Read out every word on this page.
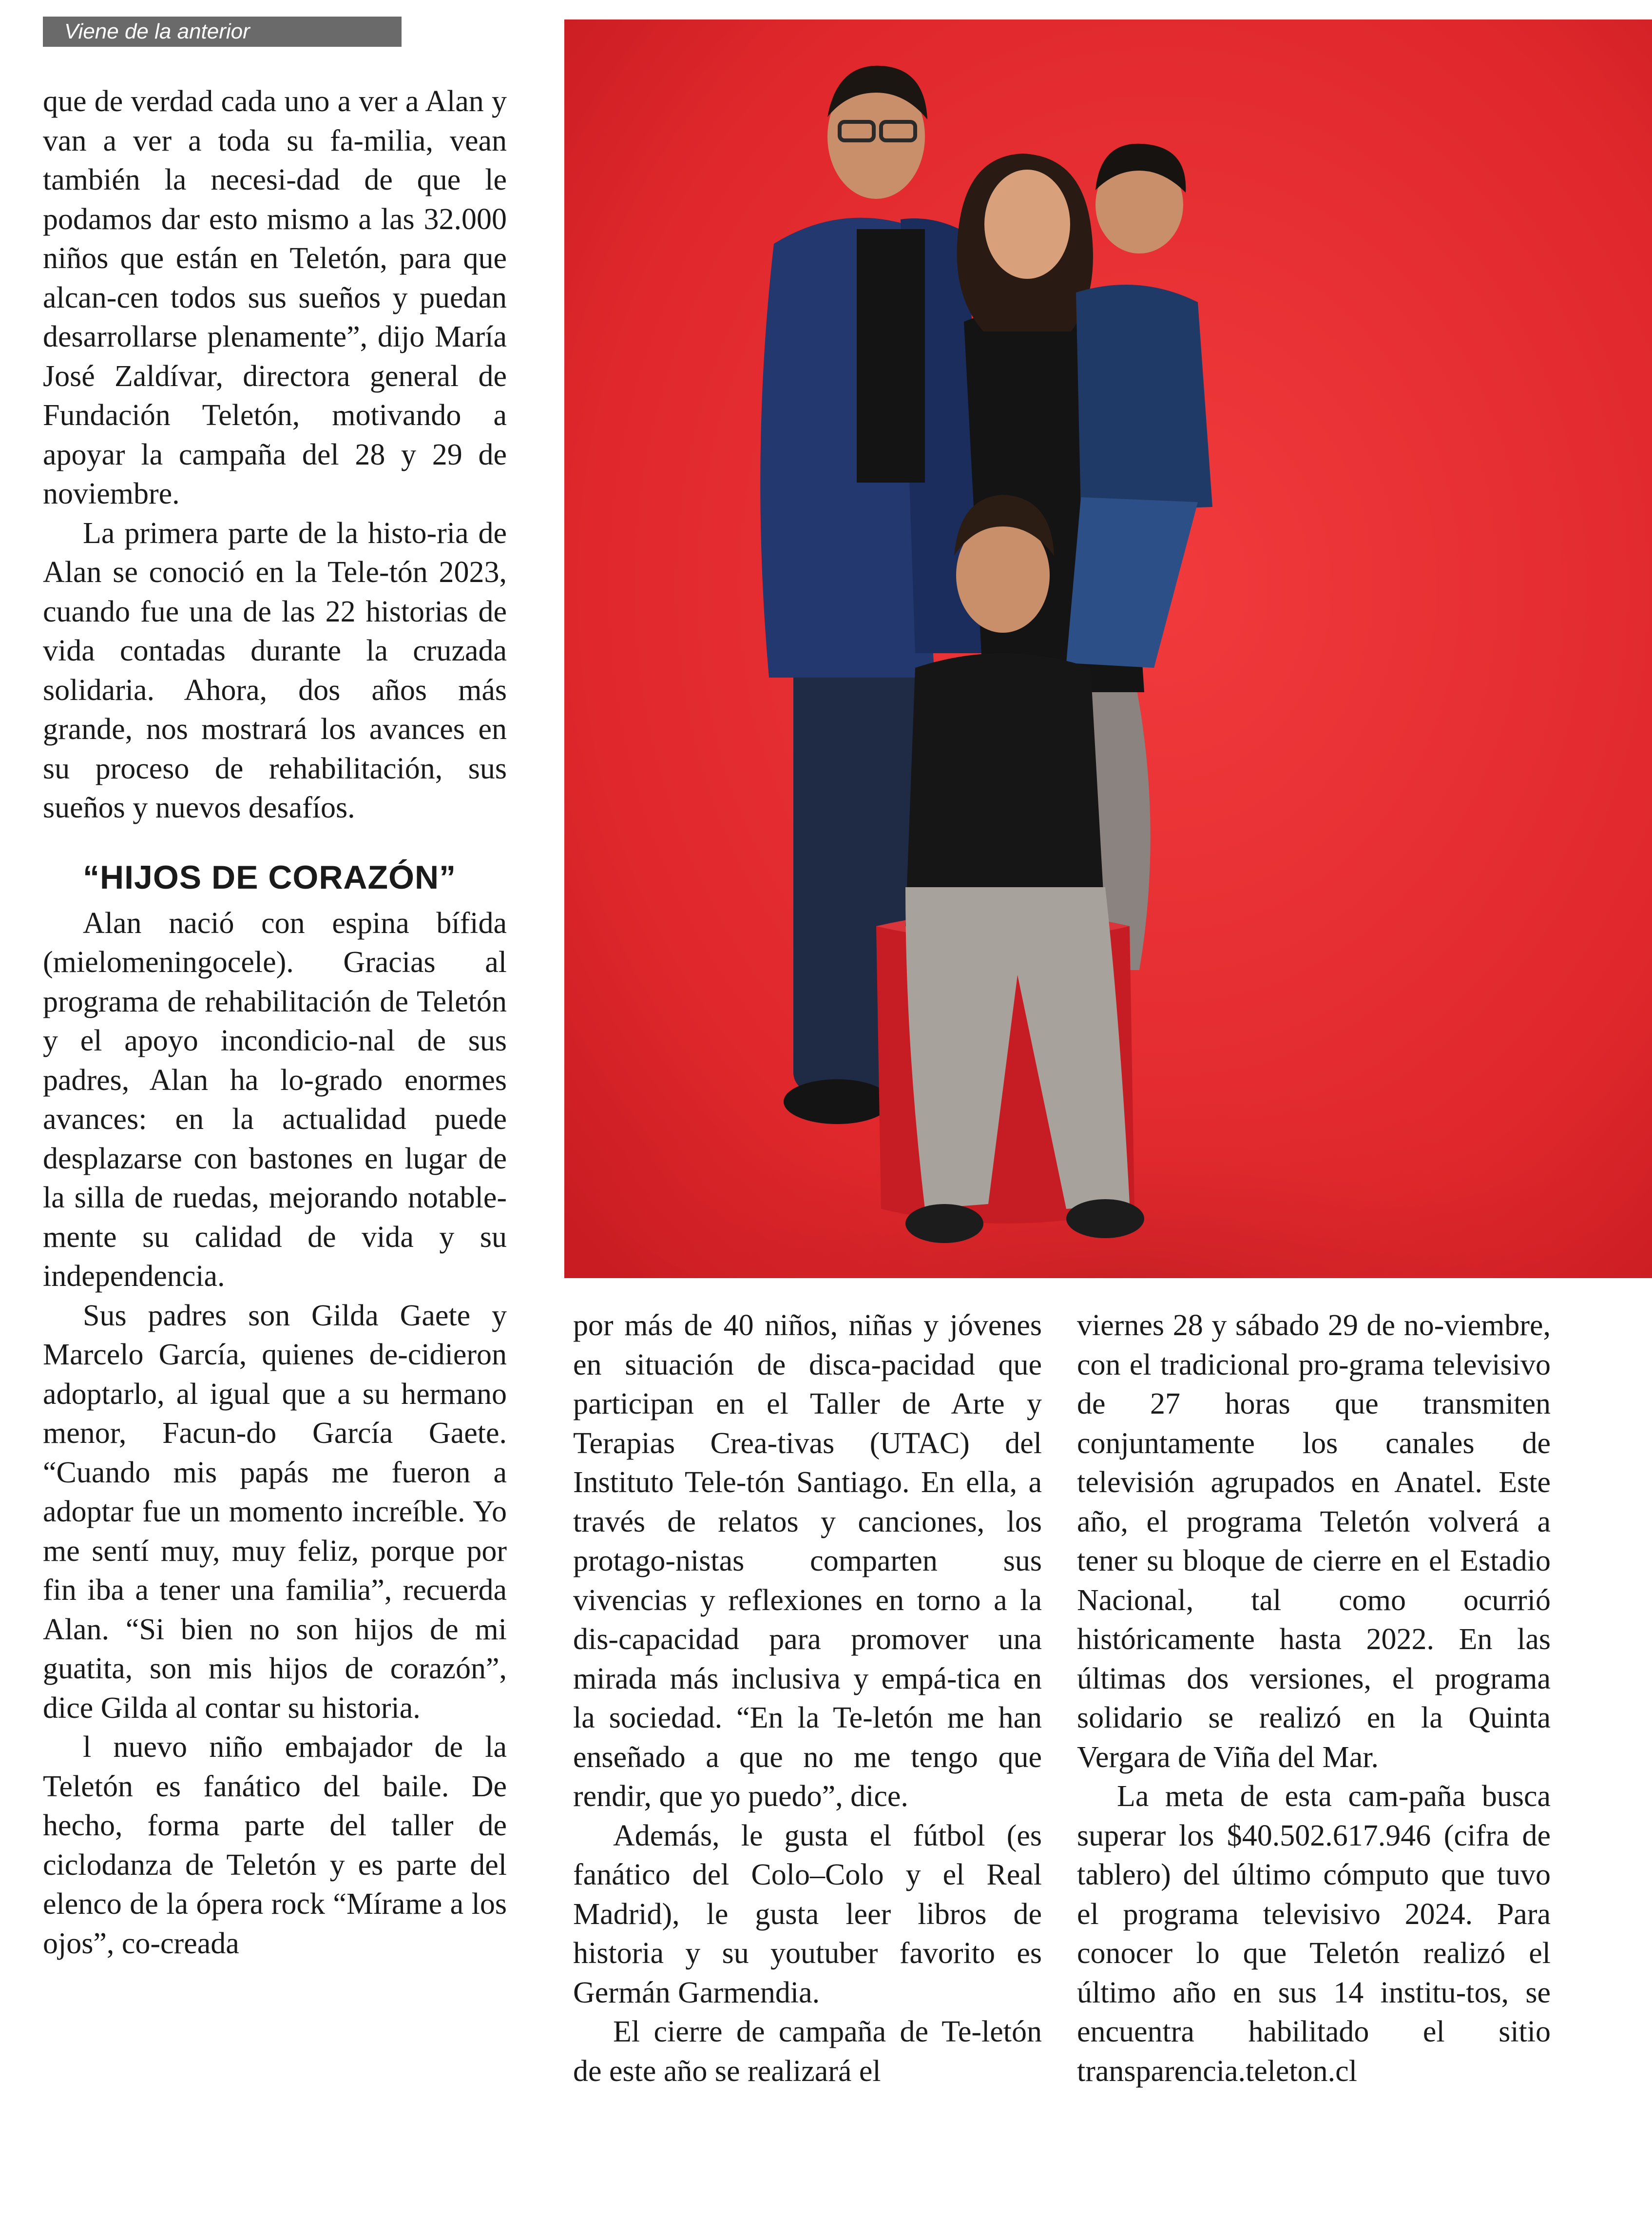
Viene de la anterior

que de verdad cada uno a ver a Alan y van a ver a toda su fa-milia, vean también la necesi-dad de que le podamos dar esto mismo a las 32.000 niños que están en Teletón, para que alcan-cen todos sus sueños y puedan desarrollarse plenamente”, dijo María José Zaldívar, directora general de Fundación Teletón, motivando a apoyar la campaña del 28 y 29 de noviembre.

La primera parte de la histo-ria de Alan se conoció en la Tele-tón 2023, cuando fue una de las 22 historias de vida contadas durante la cruzada solidaria. Ahora, dos años más grande, nos mostrará los avances en su proceso de rehabilitación, sus sueños y nuevos desafíos.

“HIJOS DE CORAZÓN”

Alan nació con espina bífida (mielomeningocele). Gracias al programa de rehabilitación de Teletón y el apoyo incondicio-nal de sus padres, Alan ha lo-grado enormes avances: en la actualidad puede desplazarse con bastones en lugar de la silla de ruedas, mejorando notable-mente su calidad de vida y su independencia.

Sus padres son Gilda Gaete y Marcelo García, quienes de-cidieron adoptarlo, al igual que a su hermano menor, Facun-do García Gaete. “Cuando mis papás me fueron a adoptar fue un momento increíble. Yo me sentí muy, muy feliz, porque por fin iba a tener una familia”, recuerda Alan. “Si bien no son hijos de mi guatita, son mis hijos de corazón”, dice Gilda al contar su historia.

l nuevo niño embajador de la Teletón es fanático del baile. De hecho, forma parte del taller de ciclodanza de Teletón y es parte del elenco de la ópera rock “Mírame a los ojos”, co-creada

por más de 40 niños, niñas y jóvenes en situación de disca-pacidad que participan en el Taller de Arte y Terapias Crea-tivas (UTAC) del Instituto Tele-tón Santiago. En ella, a través de relatos y canciones, los protago-nistas comparten sus vivencias y reflexiones en torno a la dis-capacidad para promover una mirada más inclusiva y empá-tica en la sociedad. “En la Te-letón me han enseñado a que no me tengo que rendir, que yo puedo”, dice.

Además, le gusta el fútbol (es fanático del Colo–Colo y el Real Madrid), le gusta leer libros de historia y su youtuber favorito es Germán Garmendia.

El cierre de campaña de Te-letón de este año se realizará el

viernes 28 y sábado 29 de no-viembre, con el tradicional pro-grama televisivo de 27 horas que transmiten conjuntamente los canales de televisión agrupados en Anatel. Este año, el programa Teletón volverá a tener su bloque de cierre en el Estadio Nacional, tal como ocurrió históricamente hasta 2022. En las últimas dos versiones, el programa solidario se realizó en la Quinta Vergara de Viña del Mar.

La meta de esta cam-paña busca superar los $40.502.617.946 (cifra de tablero) del último cómputo que tuvo el programa televisivo 2024. Para conocer lo que Teletón realizó el último año en sus 14 institu-tos, se encuentra habilitado el sitio transparencia.teleton.cl
